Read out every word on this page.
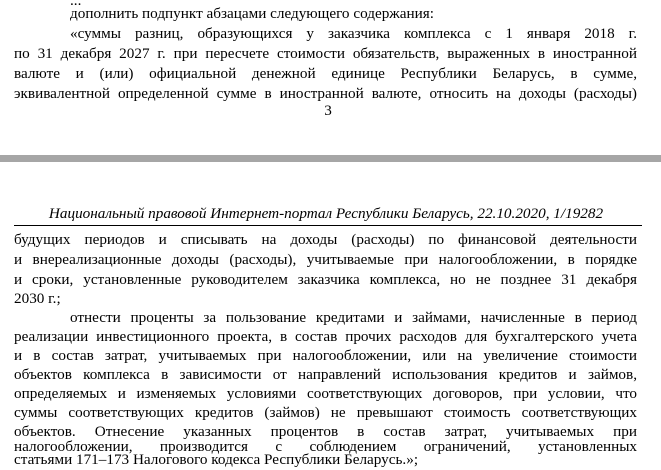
дополнить подпункт абзацами следующего содержания:
«суммы разниц, образующихся у заказчика комплекса с 1 января 2018 г.
по 31 декабря 2027 г. при пересчете стоимости обязательств, выраженных в иностранной
валюте и (или) официальной денежной единице Республики Беларусь, в сумме,
эквивалентной определенной сумме в иностранной валюте, относить на доходы (расходы)
3
Национальный правовой Интернет-портал Республики Беларусь, 22.10.2020, 1/19282
будущих периодов и списывать на доходы (расходы) по финансовой деятельности
и внереализационные доходы (расходы), учитываемые при налогообложении, в порядке
и сроки, установленные руководителем заказчика комплекса, но не позднее 31 декабря
2030 г.;
отнести проценты за пользование кредитами и займами, начисленные в период
реализации инвестиционного проекта, в состав прочих расходов для бухгалтерского учета
и в состав затрат, учитываемых при налогообложении, или на увеличение стоимости
объектов комплекса в зависимости от направлений использования кредитов и займов,
определяемых и изменяемых условиями соответствующих договоров, при условии, что
суммы соответствующих кредитов (займов) не превышают стоимость соответствующих
объектов. Отнесение указанных процентов в состав затрат, учитываемых при
налогообложении, производится с соблюдением ограничений, установленных
статьями 171–173 Налогового кодекса Республики Беларусь.»;
